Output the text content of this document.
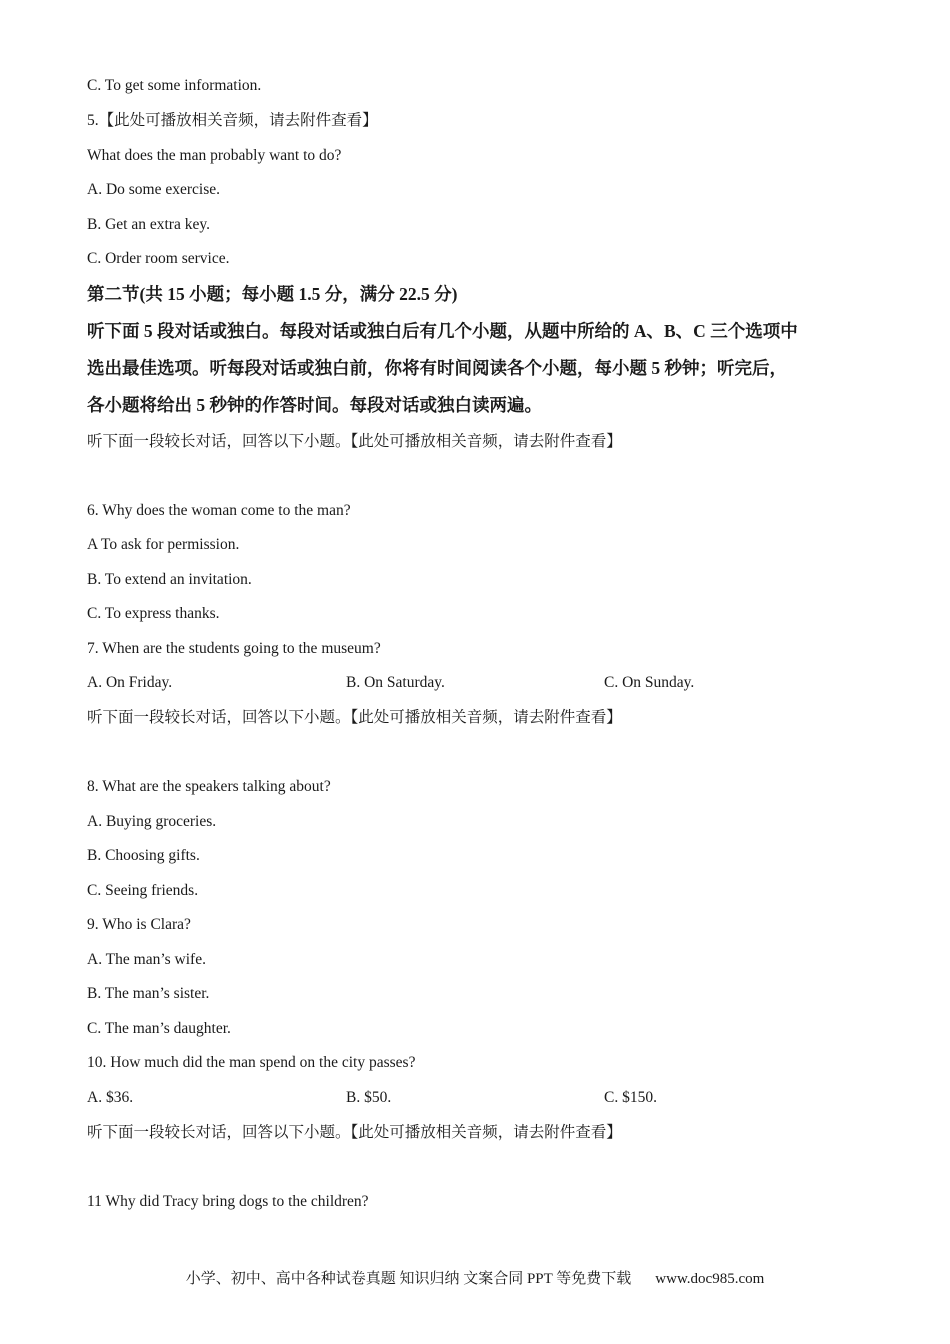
C. To get some information.
5.【此处可播放相关音频，请去附件查看】
What does the man probably want to do?
A. Do some exercise.
B. Get an extra key.
C. Order room service.
第二节(共 15 小题；每小题 1.5 分，满分 22.5 分)
听下面 5 段对话或独白。每段对话或独白后有几个小题，从题中所给的 A、B、C 三个选项中
选出最佳选项。听每段对话或独白前，你将有时间阅读各个小题，每小题 5 秒钟；听完后，
各小题将给出 5 秒钟的作答时间。每段对话或独白读两遍。
听下面一段较长对话，回答以下小题。【此处可播放相关音频，请去附件查看】
6. Why does the woman come to the man?
A To ask for permission.
B. To extend an invitation.
C. To express thanks.
7. When are the students going to the museum?
A. On Friday.	B. On Saturday.	C. On Sunday.
听下面一段较长对话，回答以下小题。【此处可播放相关音频，请去附件查看】
8. What are the speakers talking about?
A. Buying groceries.
B. Choosing gifts.
C. Seeing friends.
9. Who is Clara?
A. The man’s wife.
B. The man’s sister.
C. The man’s daughter.
10. How much did the man spend on the city passes?
A. $36.	B. $50.	C. $150.
听下面一段较长对话，回答以下小题。【此处可播放相关音频，请去附件查看】
11 Why did Tracy bring dogs to the children?
小学、初中、高中各种试卷真题 知识归纳 文案合同 PPT 等免费下载 www.doc985.com
